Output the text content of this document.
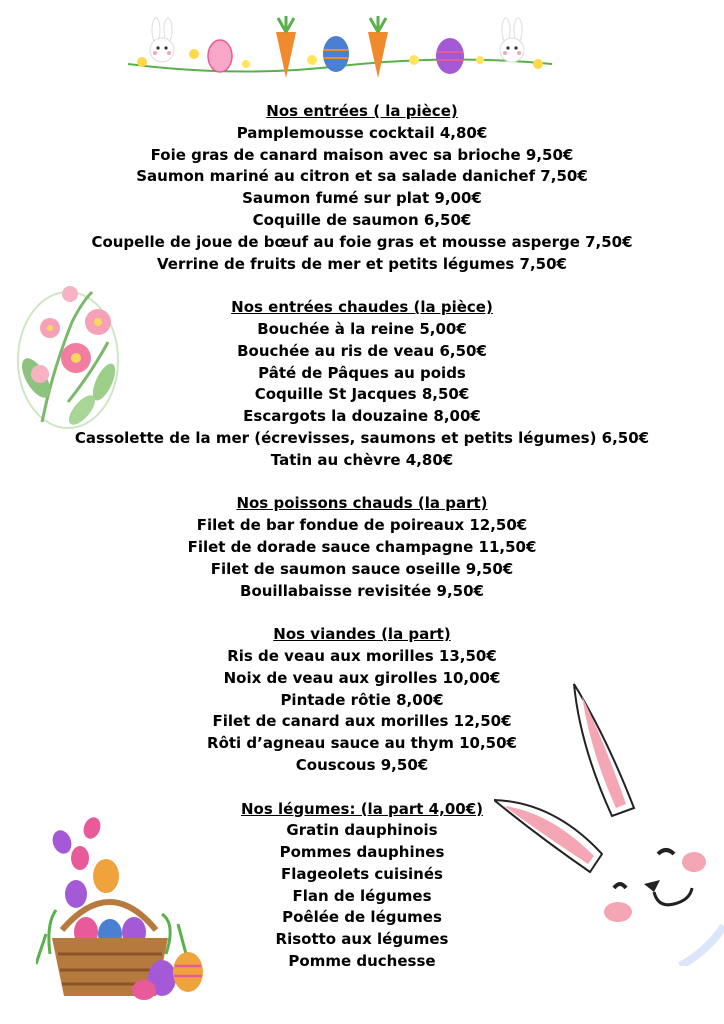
Nos entrées ( la pièce)
Pamplemousse cocktail 4,80€
Foie gras de canard maison avec sa brioche 9,50€
Saumon mariné au citron et sa salade danichef 7,50€
Saumon fumé sur plat 9,00€
Coquille de saumon 6,50€
Coupelle de joue de bœuf au foie gras et mousse asperge 7,50€
Verrine de fruits de mer et petits légumes 7,50€
Nos entrées chaudes (la pièce)
Bouchée à la reine 5,00€
Bouchée au ris de veau 6,50€
Pâté de Pâques au poids
Coquille St Jacques 8,50€
Escargots la douzaine 8,00€
Cassolette de la mer (écrevisses, saumons et petits légumes) 6,50€
Tatin au chèvre 4,80€
Nos poissons chauds (la part)
Filet de bar fondue de poireaux 12,50€
Filet de dorade sauce champagne 11,50€
Filet de saumon sauce oseille 9,50€
Bouillabaisse revisitée 9,50€
Nos viandes (la part)
Ris de veau aux morilles 13,50€
Noix de veau aux girolles 10,00€
Pintade rôtie 8,00€
Filet de canard aux morilles 12,50€
Rôti d’agneau sauce au thym 10,50€
Couscous 9,50€
Nos légumes: (la part 4,00€)
Gratin dauphinois
Pommes dauphines
Flageolets cuisinés
Flan de légumes
Poêlée de légumes
Risotto aux légumes
Pomme duchesse
